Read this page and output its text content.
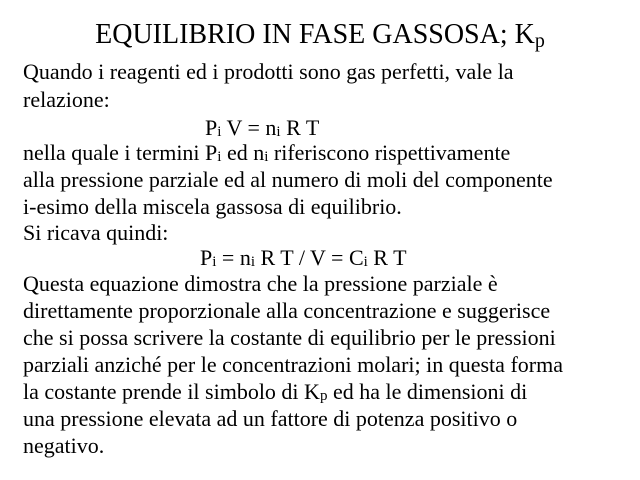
EQUILIBRIO IN FASE GASSOSA; $K_p$
Quando i reagenti ed i prodotti sono gas perfetti, vale la
relazione:
Pi V = ni R T
nella quale i termini Pi ed ni riferiscono rispettivamente
alla pressione parziale ed al numero di moli del componente
i-esimo della miscela gassosa di equilibrio.
Si ricava quindi:
Pi = ni R T / V = Ci R T
Questa equazione dimostra che la pressione parziale è
direttamente proporzionale alla concentrazione e suggerisce
che si possa scrivere la costante di equilibrio per le pressioni
parziali anziché per le concentrazioni molari; in questa forma
la costante prende il simbolo di Kp ed ha le dimensioni di
una pressione elevata ad un fattore di potenza positivo o
negativo.
